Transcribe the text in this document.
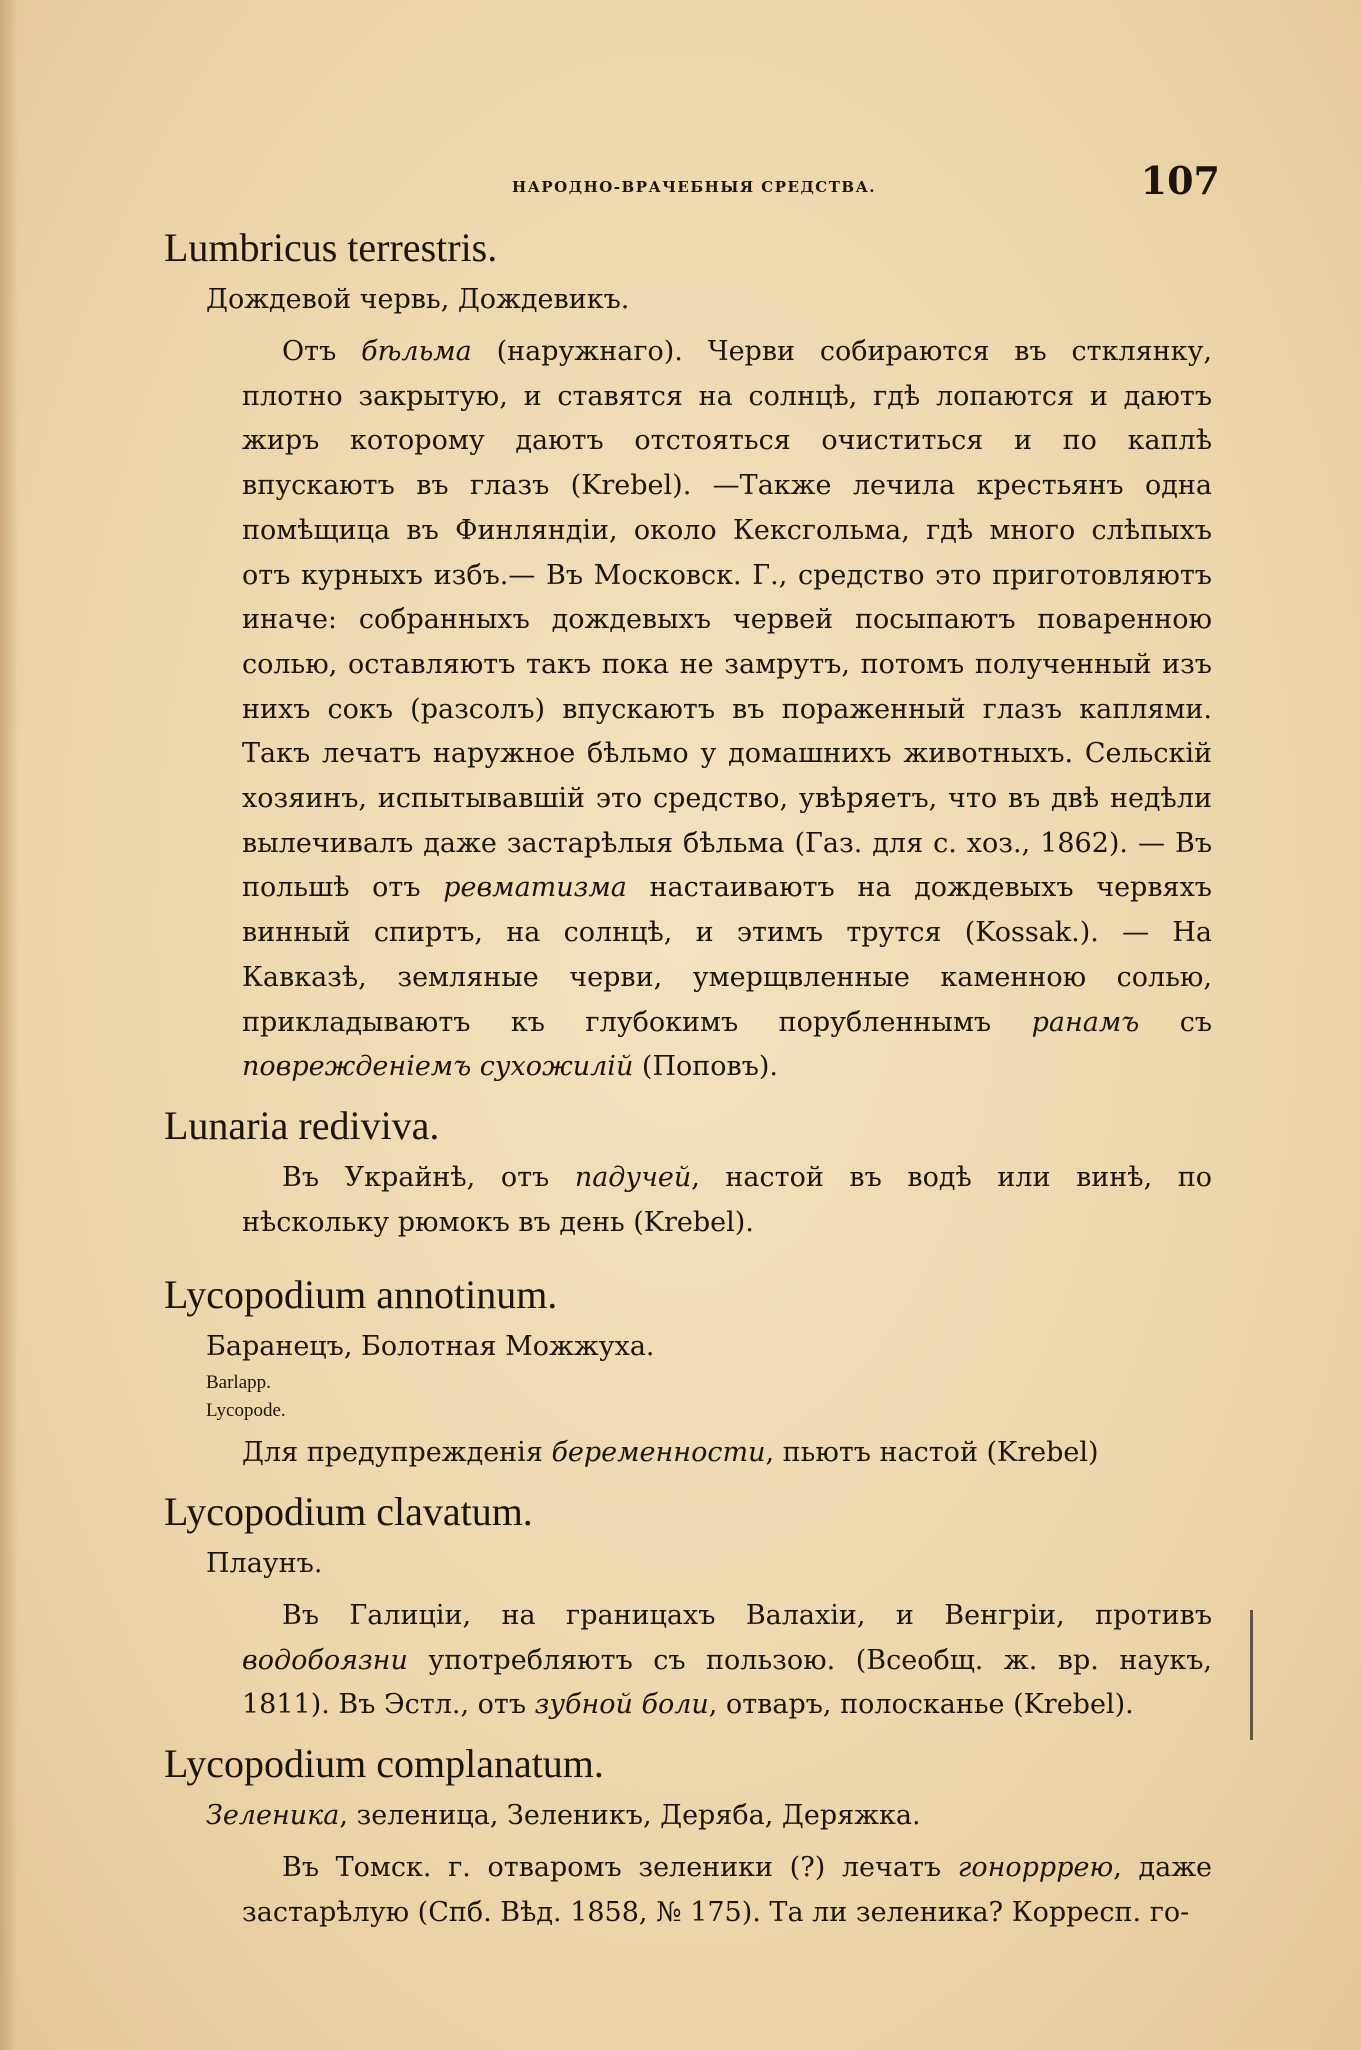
НАРОДНО-ВРАЧЕБНЫЯ СРЕДСТВА.	107
Lumbricus terrestris.
Дождевой червь, Дождевикъ.

Отъ бѣльма (наружнаго). Черви собираются въ стклянку, плотно закрытую, и ставятся на солнцѣ, гдѣ лопаются и даютъ жиръ которому даютъ отстояться очиститься и по каплѣ впускаютъ въ глазъ (Krebel). —Также лечила крестьянъ одна помѣщица въ Финляндіи, около Кексгольма, гдѣ много слѣпыхъ отъ курныхъ избъ.— Въ Московск. Г., средство это приготовляютъ иначе: собранныхъ дождевыхъ червей посыпаютъ поваренною солью, оставляютъ такъ пока не замрутъ, потомъ полученный изъ нихъ сокъ (разсолъ) впускаютъ въ пораженный глазъ каплями. Такъ лечатъ наружное бѣльмо у домашнихъ животныхъ. Сельскій хозяинъ, испытывавшій это средство, увѣряетъ, что въ двѣ недѣли вылечивалъ даже застарѣлыя бѣльма (Газ. для с. хоз., 1862). — Въ польшѣ отъ ревматизма настаиваютъ на дождевыхъ червяхъ винный спиртъ, на солнцѣ, и этимъ трутся (Kossak.). — На Кавказѣ, земляные черви, умерщвленные каменною солью, прикладываютъ къ глубокимъ порубленнымъ ранамъ съ поврежденіемъ сухожилій (Поповъ).

Lunaria rediviva.

Въ Украйнѣ, отъ падучей, настой въ водѣ или винѣ, по нѣскольку рюмокъ въ день (Krebel).

Lycopodium annotinum.
Баранецъ, Болотная Можжуха.
Barlapp.
Lycopode.

Для предупрежденія беременности, пьютъ настой (Krebel)

Lycopodium clavatum.
Плаунъ.

Въ Галиціи, на границахъ Валахіи, и Венгріи, противъ водобоязни употребляютъ съ пользою. (Всеобщ. ж. вр. наукъ, 1811). Въ Эстл., отъ зубной боли, отваръ, полосканье (Krebel).

Lycopodium complanatum.
Зеленика, зеленица, Зеленикъ, Деряба, Деряжка.

Въ Томск. г. отваромъ зеленики (?) лечатъ гонорррею, даже застарѣлую (Спб. Вѣд. 1858, № 175). Та ли зеленика? Корресп. го-
